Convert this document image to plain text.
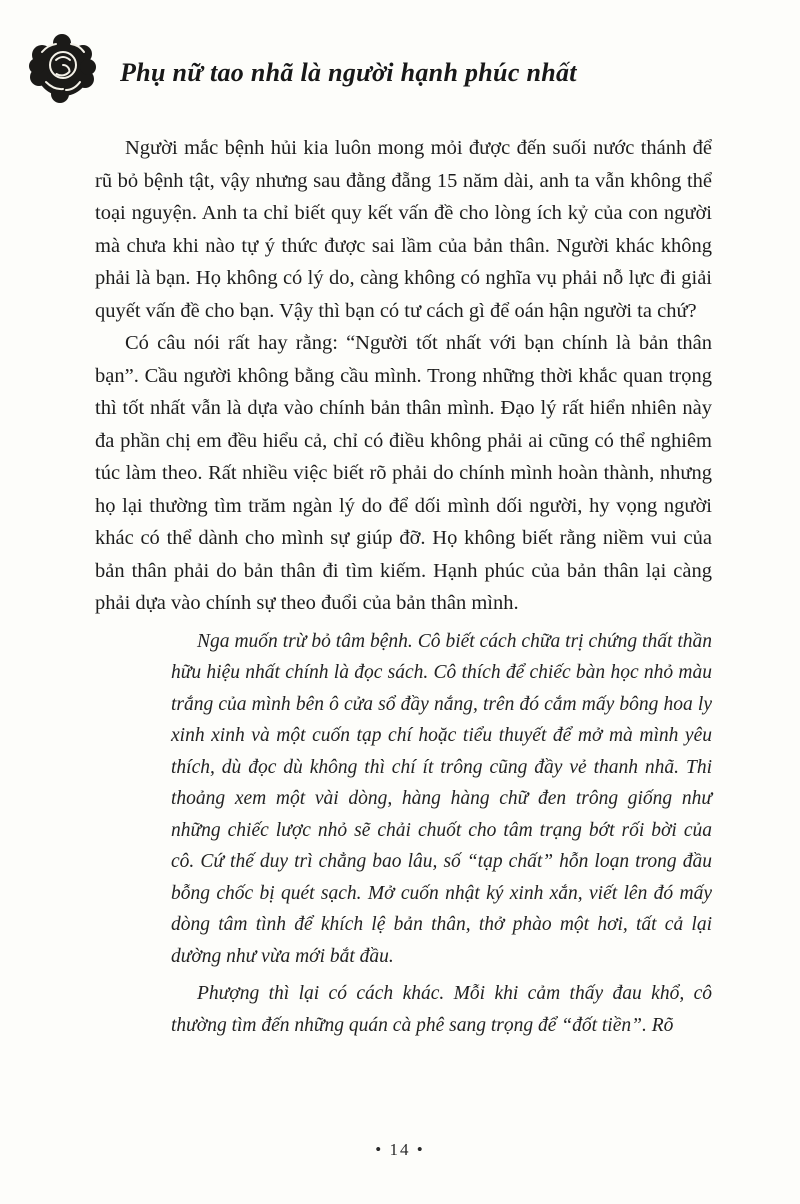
Phụ nữ tao nhã là người hạnh phúc nhất

Người mắc bệnh hủi kia luôn mong mỏi được đến suối nước thánh để rũ bỏ bệnh tật, vậy nhưng sau đằng đẵng 15 năm dài, anh ta vẫn không thể toại nguyện. Anh ta chỉ biết quy kết vấn đề cho lòng ích kỷ của con người mà chưa khi nào tự ý thức được sai lầm của bản thân. Người khác không phải là bạn. Họ không có lý do, càng không có nghĩa vụ phải nỗ lực đi giải quyết vấn đề cho bạn. Vậy thì bạn có tư cách gì để oán hận người ta chứ?

Có câu nói rất hay rằng: “Người tốt nhất với bạn chính là bản thân bạn”. Cầu người không bằng cầu mình. Trong những thời khắc quan trọng thì tốt nhất vẫn là dựa vào chính bản thân mình. Đạo lý rất hiển nhiên này đa phần chị em đều hiểu cả, chỉ có điều không phải ai cũng có thể nghiêm túc làm theo. Rất nhiều việc biết rõ phải do chính mình hoàn thành, nhưng họ lại thường tìm trăm ngàn lý do để dối mình dối người, hy vọng người khác có thể dành cho mình sự giúp đỡ. Họ không biết rằng niềm vui của bản thân phải do bản thân đi tìm kiếm. Hạnh phúc của bản thân lại càng phải dựa vào chính sự theo đuổi của bản thân mình.

Nga muốn trừ bỏ tâm bệnh. Cô biết cách chữa trị chứng thất thần hữu hiệu nhất chính là đọc sách. Cô thích để chiếc bàn học nhỏ màu trắng của mình bên ô cửa sổ đầy nắng, trên đó cắm mấy bông hoa ly xinh xinh và một cuốn tạp chí hoặc tiểu thuyết để mở mà mình yêu thích, dù đọc dù không thì chí ít trông cũng đầy vẻ thanh nhã. Thi thoảng xem một vài dòng, hàng hàng chữ đen trông giống như những chiếc lược nhỏ sẽ chải chuốt cho tâm trạng bớt rối bời của cô. Cứ thế duy trì chẳng bao lâu, số “tạp chất” hỗn loạn trong đầu bỗng chốc bị quét sạch. Mở cuốn nhật ký xinh xắn, viết lên đó mấy dòng tâm tình để khích lệ bản thân, thở phào một hơi, tất cả lại dường như vừa mới bắt đầu.

Phượng thì lại có cách khác. Mỗi khi cảm thấy đau khổ, cô thường tìm đến những quán cà phê sang trọng để “đốt tiền”. Rõ

• 14 •
